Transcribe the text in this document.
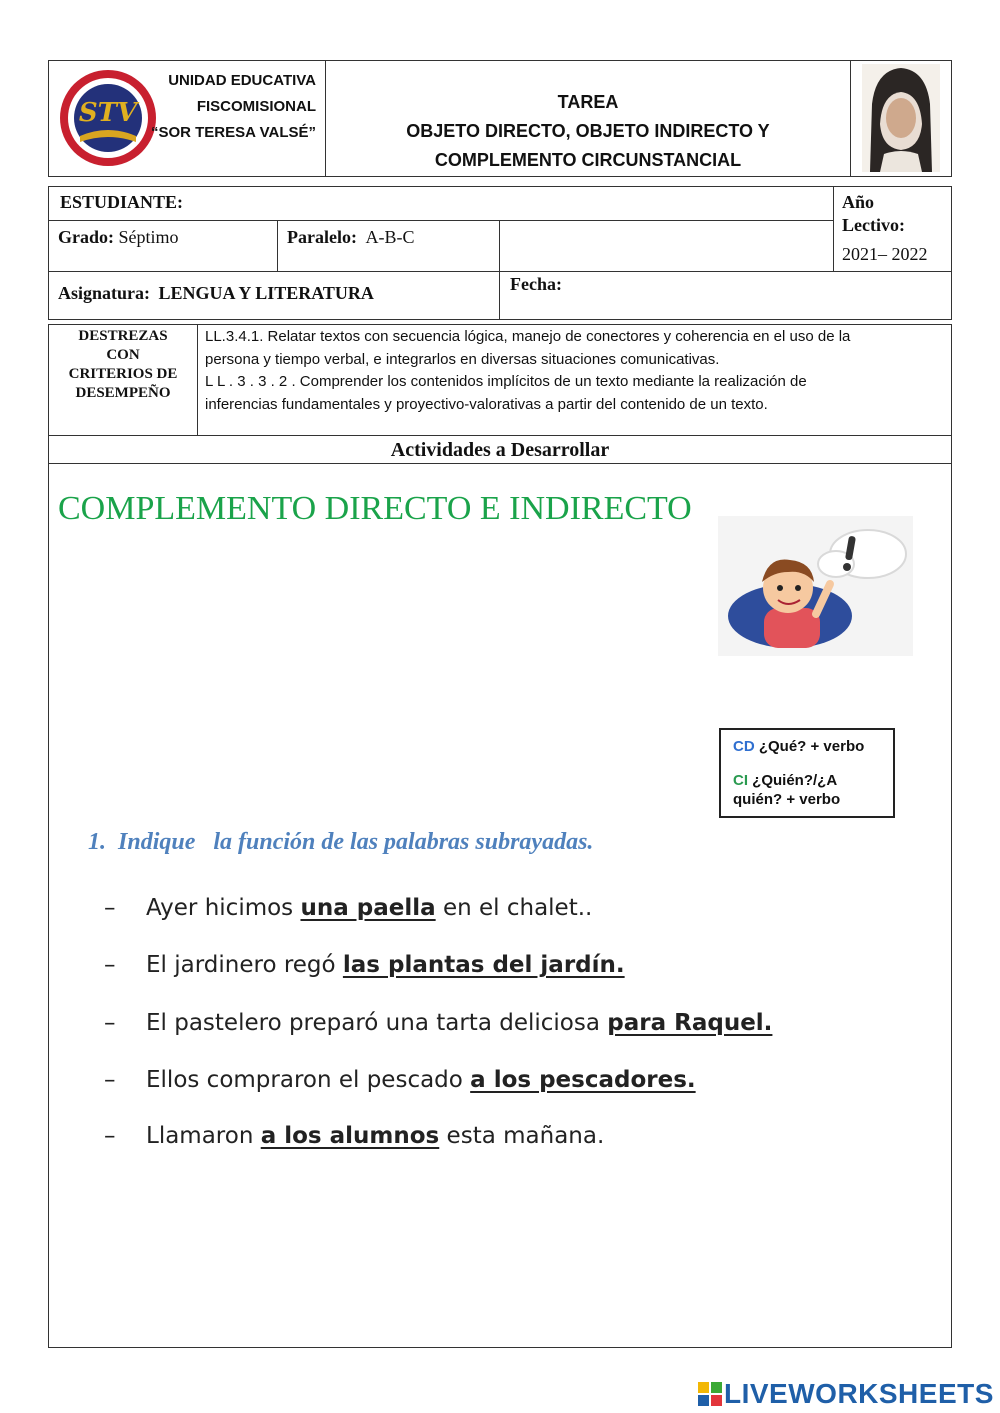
STV
UNIDAD EDUCATIVA
FISCOMISIONAL
“SOR TERESA VALSÉ”
TAREA
OBJETO DIRECTO, OBJETO INDIRECTO Y
COMPLEMENTO CIRCUNSTANCIAL
ESTUDIANTE:	Año
Lectivo:
2021– 2022
Grado: Séptimo	Paralelo: A-B-C
Asignatura: LENGUA Y LITERATURA	Fecha:
DESTREZAS
CON
CRITERIOS DE
DESEMPEÑO
LL.3.4.1. Relatar textos con secuencia lógica, manejo de conectores y coherencia en el uso de la
persona y tiempo verbal, e integrarlos en diversas situaciones comunicativas.
L L . 3 . 3 . 2 . Comprender los contenidos implícitos de un texto mediante la realización de
inferencias fundamentales y proyectivo-valorativas a partir del contenido de un texto.
Actividades a Desarrollar
COMPLEMENTO DIRECTO E INDIRECTO
CD ¿Qué? + verbo
CI ¿Quién?/¿A
quién? + verbo
1. Indique   la función de las palabras subrayadas.
– Ayer hicimos una paella en el chalet..
– El jardinero regó las plantas del jardín.
– El pastelero preparó una tarta deliciosa para Raquel.
– Ellos compraron el pescado a los pescadores.
– Llamaron a los alumnos esta mañana.
LIVEWORKSHEETS
